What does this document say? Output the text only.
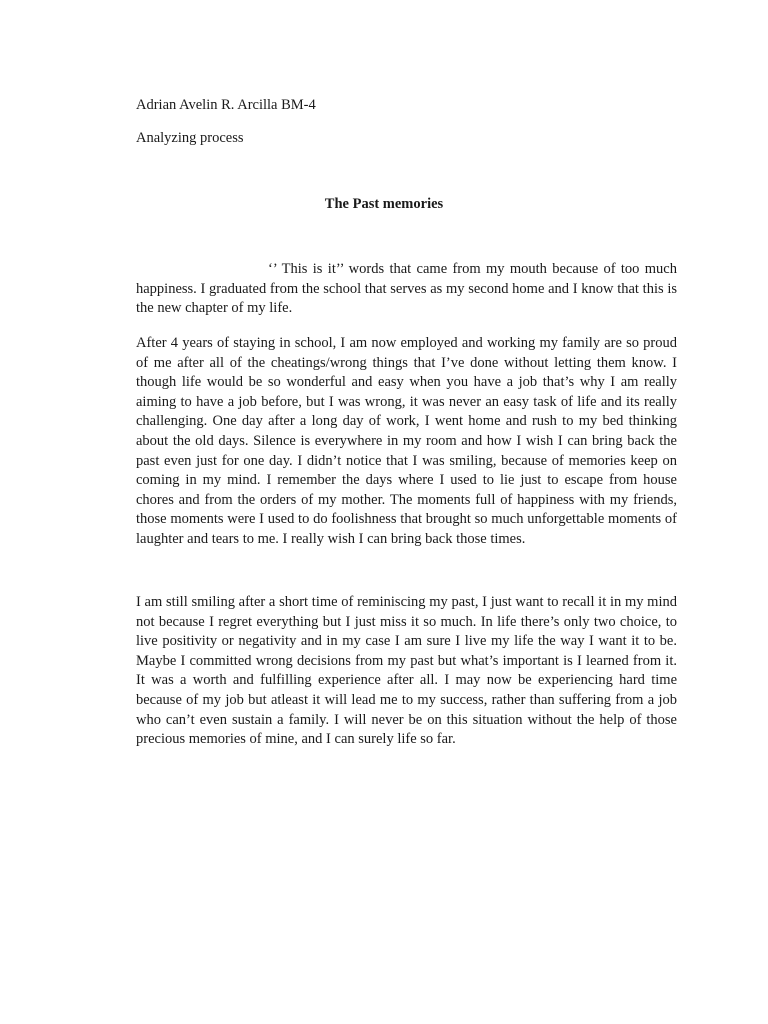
Adrian Avelin R. Arcilla BM-4
Analyzing process
The Past memories

‘’ This is it’’ words that came from my mouth because of too much happiness. I graduated from the school that serves as my second home and I know that this is the new chapter of my life.

After 4 years of staying in school, I am now employed and working my family are so proud of me after all of the cheatings/wrong things that I’ve done without letting them know. I though life would be so wonderful and easy when you have a job that’s why I am really aiming to have a job before, but I was wrong, it was never an easy task of life and its really challenging. One day after a long day of work, I went home and rush to my bed thinking about the old days. Silence is everywhere in my room and how I wish I can bring back the past even just for one day. I didn’t notice that I was smiling, because of memories keep on coming in my mind. I remember the days where I used to lie just to escape from house chores and from the orders of my mother. The moments full of happiness with my friends, those moments were I used to do foolishness that brought so much unforgettable moments of laughter and tears to me. I really wish I can bring back those times.

I am still smiling after a short time of reminiscing my past, I just want to recall it in my mind not because I regret everything but I just miss it so much. In life there’s only two choice, to live positivity or negativity and in my case I am sure I live my life the way I want it to be. Maybe I committed wrong decisions from my past but what’s important is I learned from it. It was a worth and fulfilling experience after all. I may now be experiencing hard time because of my job but atleast it will lead me to my success, rather than suffering from a job who can’t even sustain a family. I will never be on this situation without the help of those precious memories of mine, and I can surely life so far.
